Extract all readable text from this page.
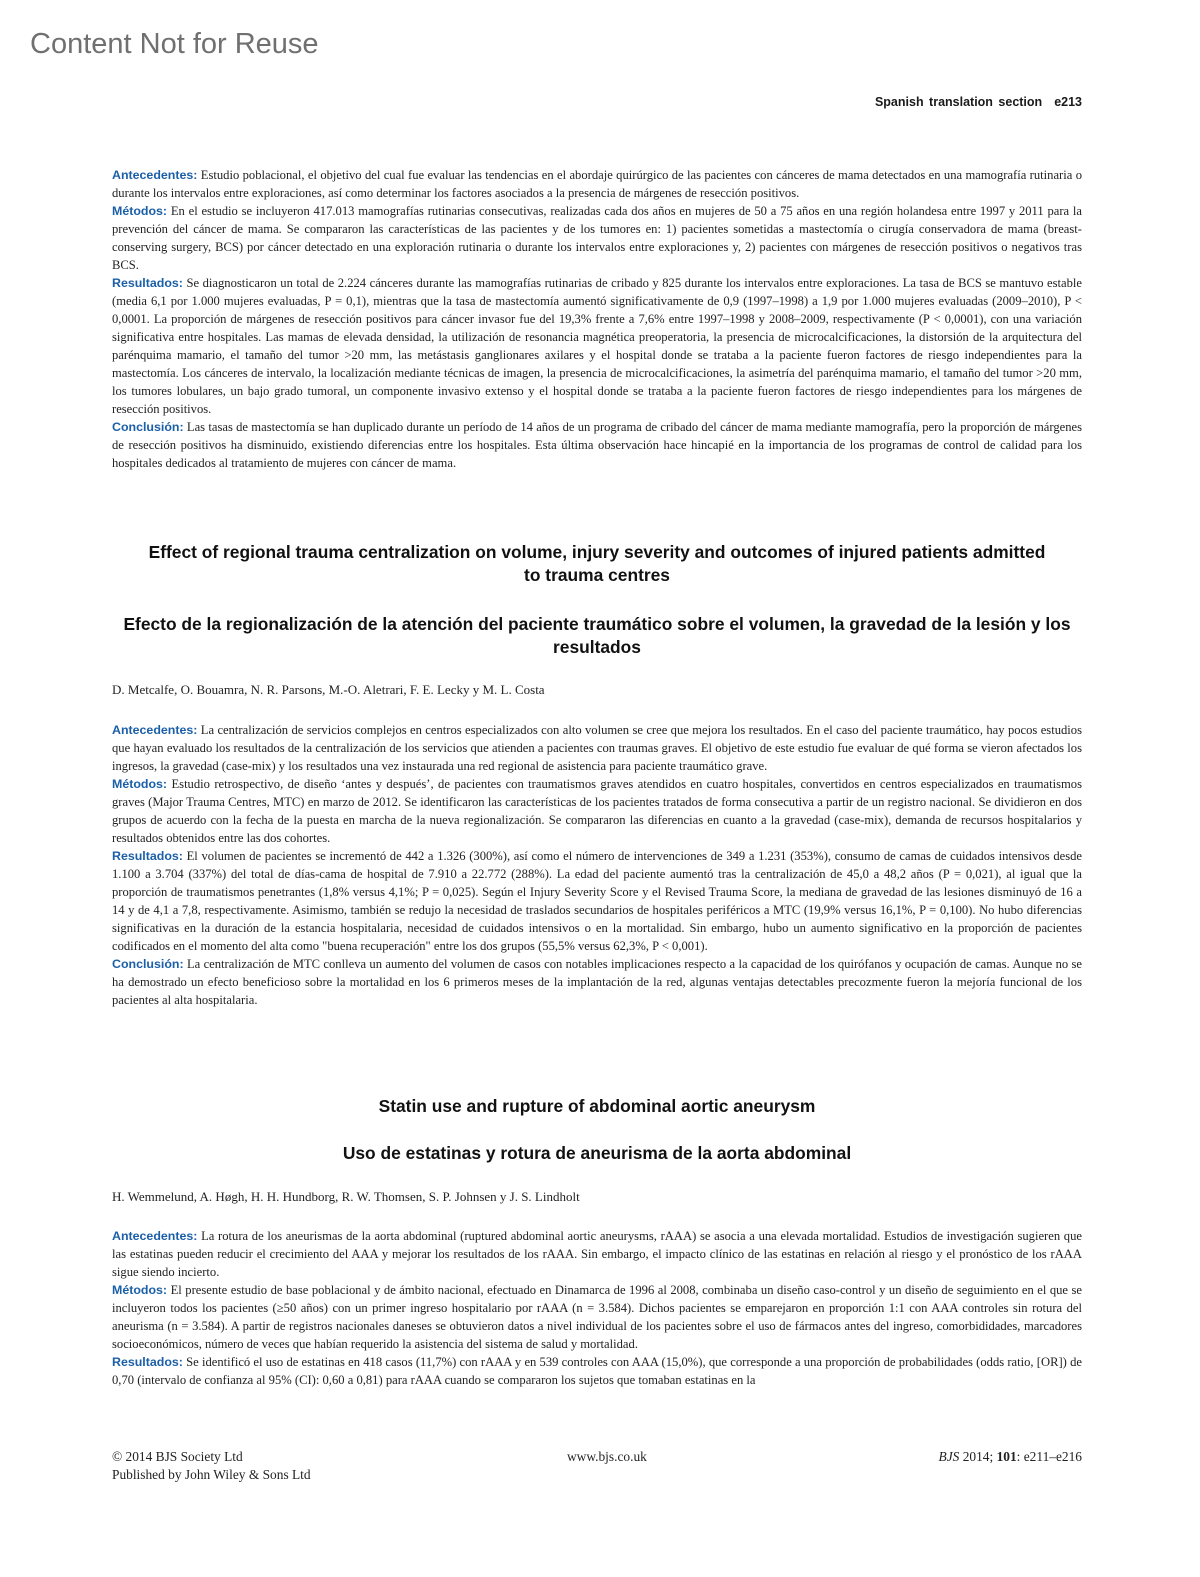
Content Not for Reuse
Spanish translation section e213

Antecedentes: Estudio poblacional, el objetivo del cual fue evaluar las tendencias en el abordaje quirúrgico de las pacientes con cánceres de mama detectados en una mamografía rutinaria o durante los intervalos entre exploraciones, así como determinar los factores asociados a la presencia de márgenes de resección positivos.

Métodos: En el estudio se incluyeron 417.013 mamografías rutinarias consecutivas, realizadas cada dos años en mujeres de 50 a 75 años en una región holandesa entre 1997 y 2011 para la prevención del cáncer de mama. Se compararon las características de las pacientes y de los tumores en: 1) pacientes sometidas a mastectomía o cirugía conservadora de mama (breast-conserving surgery, BCS) por cáncer detectado en una exploración rutinaria o durante los intervalos entre exploraciones y, 2) pacientes con márgenes de resección positivos o negativos tras BCS.

Resultados: Se diagnosticaron un total de 2.224 cánceres durante las mamografías rutinarias de cribado y 825 durante los intervalos entre exploraciones. La tasa de BCS se mantuvo estable (media 6,1 por 1.000 mujeres evaluadas, P = 0,1), mientras que la tasa de mastectomía aumentó significativamente de 0,9 (1997–1998) a 1,9 por 1.000 mujeres evaluadas (2009–2010), P < 0,0001. La proporción de márgenes de resección positivos para cáncer invasor fue del 19,3% frente a 7,6% entre 1997–1998 y 2008–2009, respectivamente (P < 0,0001), con una variación significativa entre hospitales. Las mamas de elevada densidad, la utilización de resonancia magnética preoperatoria, la presencia de microcalcificaciones, la distorsión de la arquitectura del parénquima mamario, el tamaño del tumor >20 mm, las metástasis ganglionares axilares y el hospital donde se trataba a la paciente fueron factores de riesgo independientes para la mastectomía. Los cánceres de intervalo, la localización mediante técnicas de imagen, la presencia de microcalcificaciones, la asimetría del parénquima mamario, el tamaño del tumor >20 mm, los tumores lobulares, un bajo grado tumoral, un componente invasivo extenso y el hospital donde se trataba a la paciente fueron factores de riesgo independientes para los márgenes de resección positivos.

Conclusión: Las tasas de mastectomía se han duplicado durante un período de 14 años de un programa de cribado del cáncer de mama mediante mamografía, pero la proporción de márgenes de resección positivos ha disminuido, existiendo diferencias entre los hospitales. Esta última observación hace hincapié en la importancia de los programas de control de calidad para los hospitales dedicados al tratamiento de mujeres con cáncer de mama.

Effect of regional trauma centralization on volume, injury severity and outcomes of injured patients admitted to trauma centres
Efecto de la regionalización de la atención del paciente traumático sobre el volumen, la gravedad de la lesión y los resultados

D. Metcalfe, O. Bouamra, N. R. Parsons, M.-O. Aletrari, F. E. Lecky y M. L. Costa

Antecedentes: La centralización de servicios complejos en centros especializados con alto volumen se cree que mejora los resultados. En el caso del paciente traumático, hay pocos estudios que hayan evaluado los resultados de la centralización de los servicios que atienden a pacientes con traumas graves. El objetivo de este estudio fue evaluar de qué forma se vieron afectados los ingresos, la gravedad (case-mix) y los resultados una vez instaurada una red regional de asistencia para paciente traumático grave.

Métodos: Estudio retrospectivo, de diseño ‘antes y después’, de pacientes con traumatismos graves atendidos en cuatro hospitales, convertidos en centros especializados en traumatismos graves (Major Trauma Centres, MTC) en marzo de 2012. Se identificaron las características de los pacientes tratados de forma consecutiva a partir de un registro nacional. Se dividieron en dos grupos de acuerdo con la fecha de la puesta en marcha de la nueva regionalización. Se compararon las diferencias en cuanto a la gravedad (case-mix), demanda de recursos hospitalarios y resultados obtenidos entre las dos cohortes.

Resultados: El volumen de pacientes se incrementó de 442 a 1.326 (300%), así como el número de intervenciones de 349 a 1.231 (353%), consumo de camas de cuidados intensivos desde 1.100 a 3.704 (337%) del total de días-cama de hospital de 7.910 a 22.772 (288%). La edad del paciente aumentó tras la centralización de 45,0 a 48,2 años (P = 0,021), al igual que la proporción de traumatismos penetrantes (1,8% versus 4,1%; P = 0,025). Según el Injury Severity Score y el Revised Trauma Score, la mediana de gravedad de las lesiones disminuyó de 16 a 14 y de 4,1 a 7,8, respectivamente. Asimismo, también se redujo la necesidad de traslados secundarios de hospitales periféricos a MTC (19,9% versus 16,1%, P = 0,100). No hubo diferencias significativas en la duración de la estancia hospitalaria, necesidad de cuidados intensivos o en la mortalidad. Sin embargo, hubo un aumento significativo en la proporción de pacientes codificados en el momento del alta como "buena recuperación" entre los dos grupos (55,5% versus 62,3%, P < 0,001).

Conclusión: La centralización de MTC conlleva un aumento del volumen de casos con notables implicaciones respecto a la capacidad de los quirófanos y ocupación de camas. Aunque no se ha demostrado un efecto beneficioso sobre la mortalidad en los 6 primeros meses de la implantación de la red, algunas ventajas detectables precozmente fueron la mejoría funcional de los pacientes al alta hospitalaria.

Statin use and rupture of abdominal aortic aneurysm
Uso de estatinas y rotura de aneurisma de la aorta abdominal

H. Wemmelund, A. Høgh, H. H. Hundborg, R. W. Thomsen, S. P. Johnsen y J. S. Lindholt

Antecedentes: La rotura de los aneurismas de la aorta abdominal (ruptured abdominal aortic aneurysms, rAAA) se asocia a una elevada mortalidad. Estudios de investigación sugieren que las estatinas pueden reducir el crecimiento del AAA y mejorar los resultados de los rAAA. Sin embargo, el impacto clínico de las estatinas en relación al riesgo y el pronóstico de los rAAA sigue siendo incierto.

Métodos: El presente estudio de base poblacional y de ámbito nacional, efectuado en Dinamarca de 1996 al 2008, combinaba un diseño caso-control y un diseño de seguimiento en el que se incluyeron todos los pacientes (≥50 años) con un primer ingreso hospitalario por rAAA (n = 3.584). Dichos pacientes se emparejaron en proporción 1:1 con AAA controles sin rotura del aneurisma (n = 3.584). A partir de registros nacionales daneses se obtuvieron datos a nivel individual de los pacientes sobre el uso de fármacos antes del ingreso, comorbididades, marcadores socioeconómicos, número de veces que habían requerido la asistencia del sistema de salud y mortalidad.

Resultados: Se identificó el uso de estatinas en 418 casos (11,7%) con rAAA y en 539 controles con AAA (15,0%), que corresponde a una proporción de probabilidades (odds ratio, [OR]) de 0,70 (intervalo de confianza al 95% (CI): 0,60 a 0,81) para rAAA cuando se compararon los sujetos que tomaban estatinas en la

© 2014 BJS Society Ltd
Published by John Wiley & Sons Ltd
www.bjs.co.uk	BJS 2014; 101: e211–e216
